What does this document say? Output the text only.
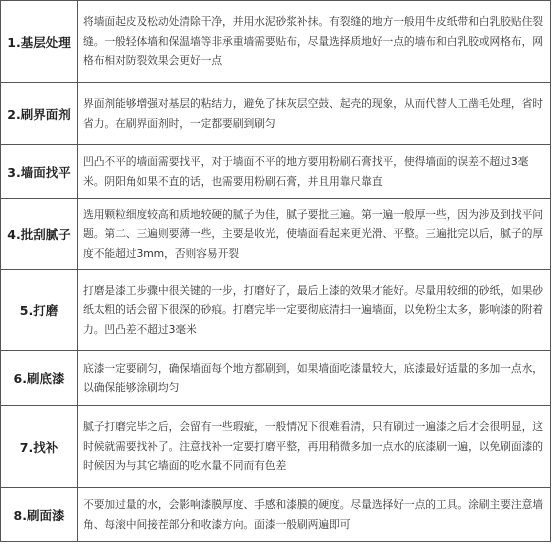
1.基层处理	将墙面起皮及松动处清除干净，并用水泥砂浆补抹。有裂缝的地方一般用牛皮纸带和白乳胶贴住裂缝。一般轻体墙和保温墙等非承重墙需要贴布，尽量选择质地好一点的墙布和白乳胶或网格布，网格布相对防裂效果会更好一点
2.刷界面剂	界面剂能够增强对基层的粘结力，避免了抹灰层空鼓、起壳的现象，从而代替人工凿毛处理，省时省力。在刷界面剂时，一定都要刷到刷匀
3.墙面找平	凹凸不平的墙面需要找平，对于墙面不平的地方要用粉刷石膏找平，使得墙面的误差不超过3毫米。阴阳角如果不直的话，也需要用粉刷石膏，并且用靠尺靠直
4.批刮腻子	选用颗粒细度较高和质地较硬的腻子为佳，腻子要批三遍。第一遍一般厚一些，因为涉及到找平问题。第二、三遍则要薄一些，主要是收光，使墙面看起来更光滑、平整。三遍批完以后，腻子的厚度不能超过3mm，否则容易开裂
5.打磨	打磨是漆工步骤中很关键的一步，打磨好了，最后上漆的效果才能好。尽量用较细的砂纸，如果砂纸太粗的话会留下很深的砂痕。打磨完毕一定要彻底清扫一遍墙面，以免粉尘太多，影响漆的附着力。凹凸差不超过3毫米
6.刷底漆	底漆一定要刷匀，确保墙面每个地方都刷到，如果墙面吃漆量较大，底漆最好适量的多加一点水，以确保能够涂刷均匀
7.找补	腻子打磨完毕之后，会留有一些瑕疵，一般情况下很难看清，只有刷过一遍漆之后才会很明显，这时候就需要找补了。注意找补一定要打磨平整，再用稍微多加一点水的底漆刷一遍，以免刷面漆的时候因为与其它墙面的吃水量不同而有色差
8.刷面漆	不要加过量的水，会影响漆膜厚度、手感和漆膜的硬度。尽量选择好一点的工具。涂刷主要注意墙角、每滚中间接茬部分和收漆方向。面漆一般刷两遍即可
